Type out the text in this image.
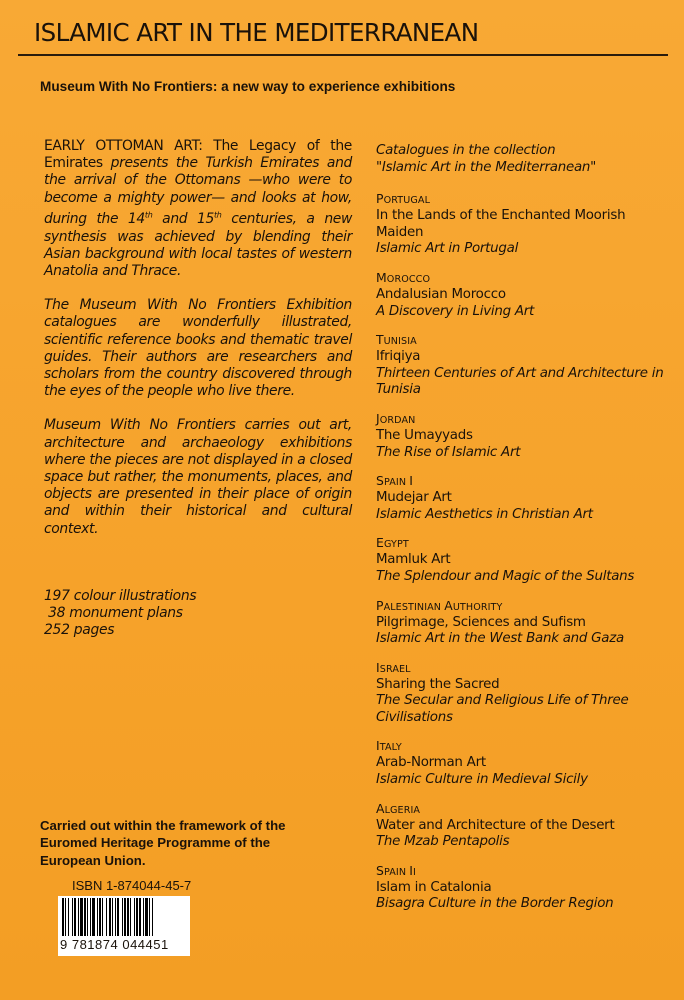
ISLAMIC ART IN THE MEDITERRANEAN
Museum With No Frontiers: a new way to experience exhibitions

EARLY OTTOMAN ART: The Legacy of the Emirates presents the Turkish Emirates and the arrival of the Ottomans —who were to become a mighty power— and looks at how, during the 14th and 15th centuries, a new synthesis was achieved by blending their Asian background with local tastes of western Anatolia and Thrace.

The Museum With No Frontiers Exhibition catalogues are wonderfully illustrated, scientific reference books and thematic travel guides. Their authors are researchers and scholars from the country discovered through the eyes of the people who live there.

Museum With No Frontiers carries out art, architecture and archaeology exhibitions where the pieces are not displayed in a closed space but rather, the monuments, places, and objects are presented in their place of origin and within their historical and cultural context.

197 colour illustrations
38 monument plans
252 pages
Carried out within the framework of the
Euromed Heritage Programme of the
European Union.
ISBN 1-874044-45-7
9 781874 044451
Catalogues in the collection
"Islamic Art in the Mediterranean"
PORTUGAL
In the Lands of the Enchanted Moorish Maiden
Islamic Art in Portugal
MOROCCO
Andalusian Morocco
A Discovery in Living Art
TUNISIA
Ifriqiya
Thirteen Centuries of Art and Architecture in Tunisia
JORDAN
The Umayyads
The Rise of Islamic Art
SPAIN I
Mudejar Art
Islamic Aesthetics in Christian Art
EGYPT
Mamluk Art
The Splendour and Magic of the Sultans
PALESTINIAN AUTHORITY
Pilgrimage, Sciences and Sufism
Islamic Art in the West Bank and Gaza
ISRAEL
Sharing the Sacred
The Secular and Religious Life of Three Civilisations
ITALY
Arab-Norman Art
Islamic Culture in Medieval Sicily
ALGERIA
Water and Architecture of the Desert
The Mzab Pentapolis
SPAIN II
Islam in Catalonia
Bisagra Culture in the Border Region
